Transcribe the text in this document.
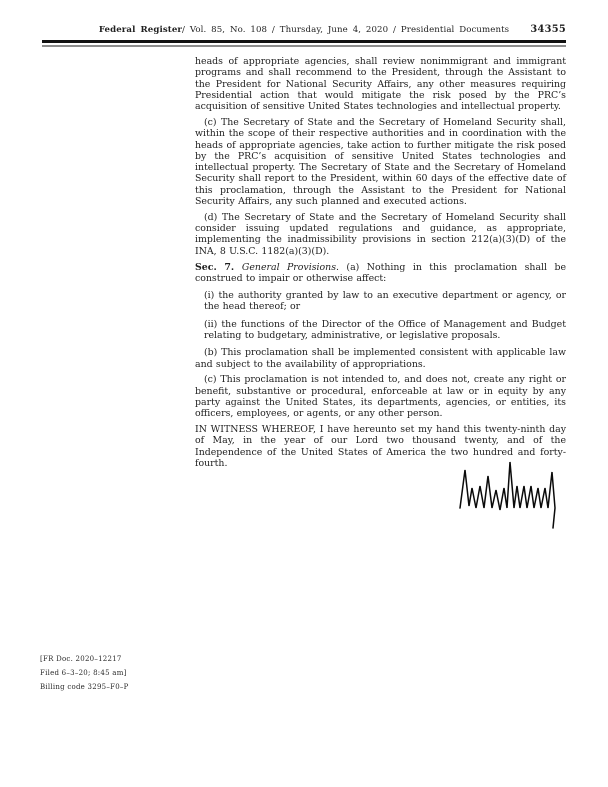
Federal Register/ Vol. 85, No. 108 / Thursday, June 4, 2020 / Presidential Documents 34355

heads of appropriate agencies, shall review nonimmigrant and immigrant programs and shall recommend to the President, through the Assistant to the President for National Security Affairs, any other measures requiring Presidential action that would mitigate the risk posed by the PRC’s acquisition of sensitive United States technologies and intellectual property.

(c) The Secretary of State and the Secretary of Homeland Security shall, within the scope of their respective authorities and in coordination with the heads of appropriate agencies, take action to further mitigate the risk posed by the PRC’s acquisition of sensitive United States technologies and intellectual property. The Secretary of State and the Secretary of Homeland Security shall report to the President, within 60 days of the effective date of this proclamation, through the Assistant to the President for National Security Affairs, any such planned and executed actions.

(d) The Secretary of State and the Secretary of Homeland Security shall consider issuing updated regulations and guidance, as appropriate, implementing the inadmissibility provisions in section 212(a)(3)(D) of the INA, 8 U.S.C. 1182(a)(3)(D).

Sec. 7. General Provisions. (a) Nothing in this proclamation shall be construed to impair or otherwise affect:

(i) the authority granted by law to an executive department or agency, or the head thereof; or

(ii) the functions of the Director of the Office of Management and Budget relating to budgetary, administrative, or legislative proposals.

(b) This proclamation shall be implemented consistent with applicable law and subject to the availability of appropriations.

(c) This proclamation is not intended to, and does not, create any right or benefit, substantive or procedural, enforceable at law or in equity by any party against the United States, its departments, agencies, or entities, its officers, employees, or agents, or any other person.

IN WITNESS WHEREOF, I have hereunto set my hand this twenty-ninth day of May, in the year of our Lord two thousand twenty, and of the Independence of the United States of America the two hundred and forty-fourth.

[FR Doc. 2020–12217
Filed 6–3–20; 8:45 am]
Billing code 3295–F0–P
